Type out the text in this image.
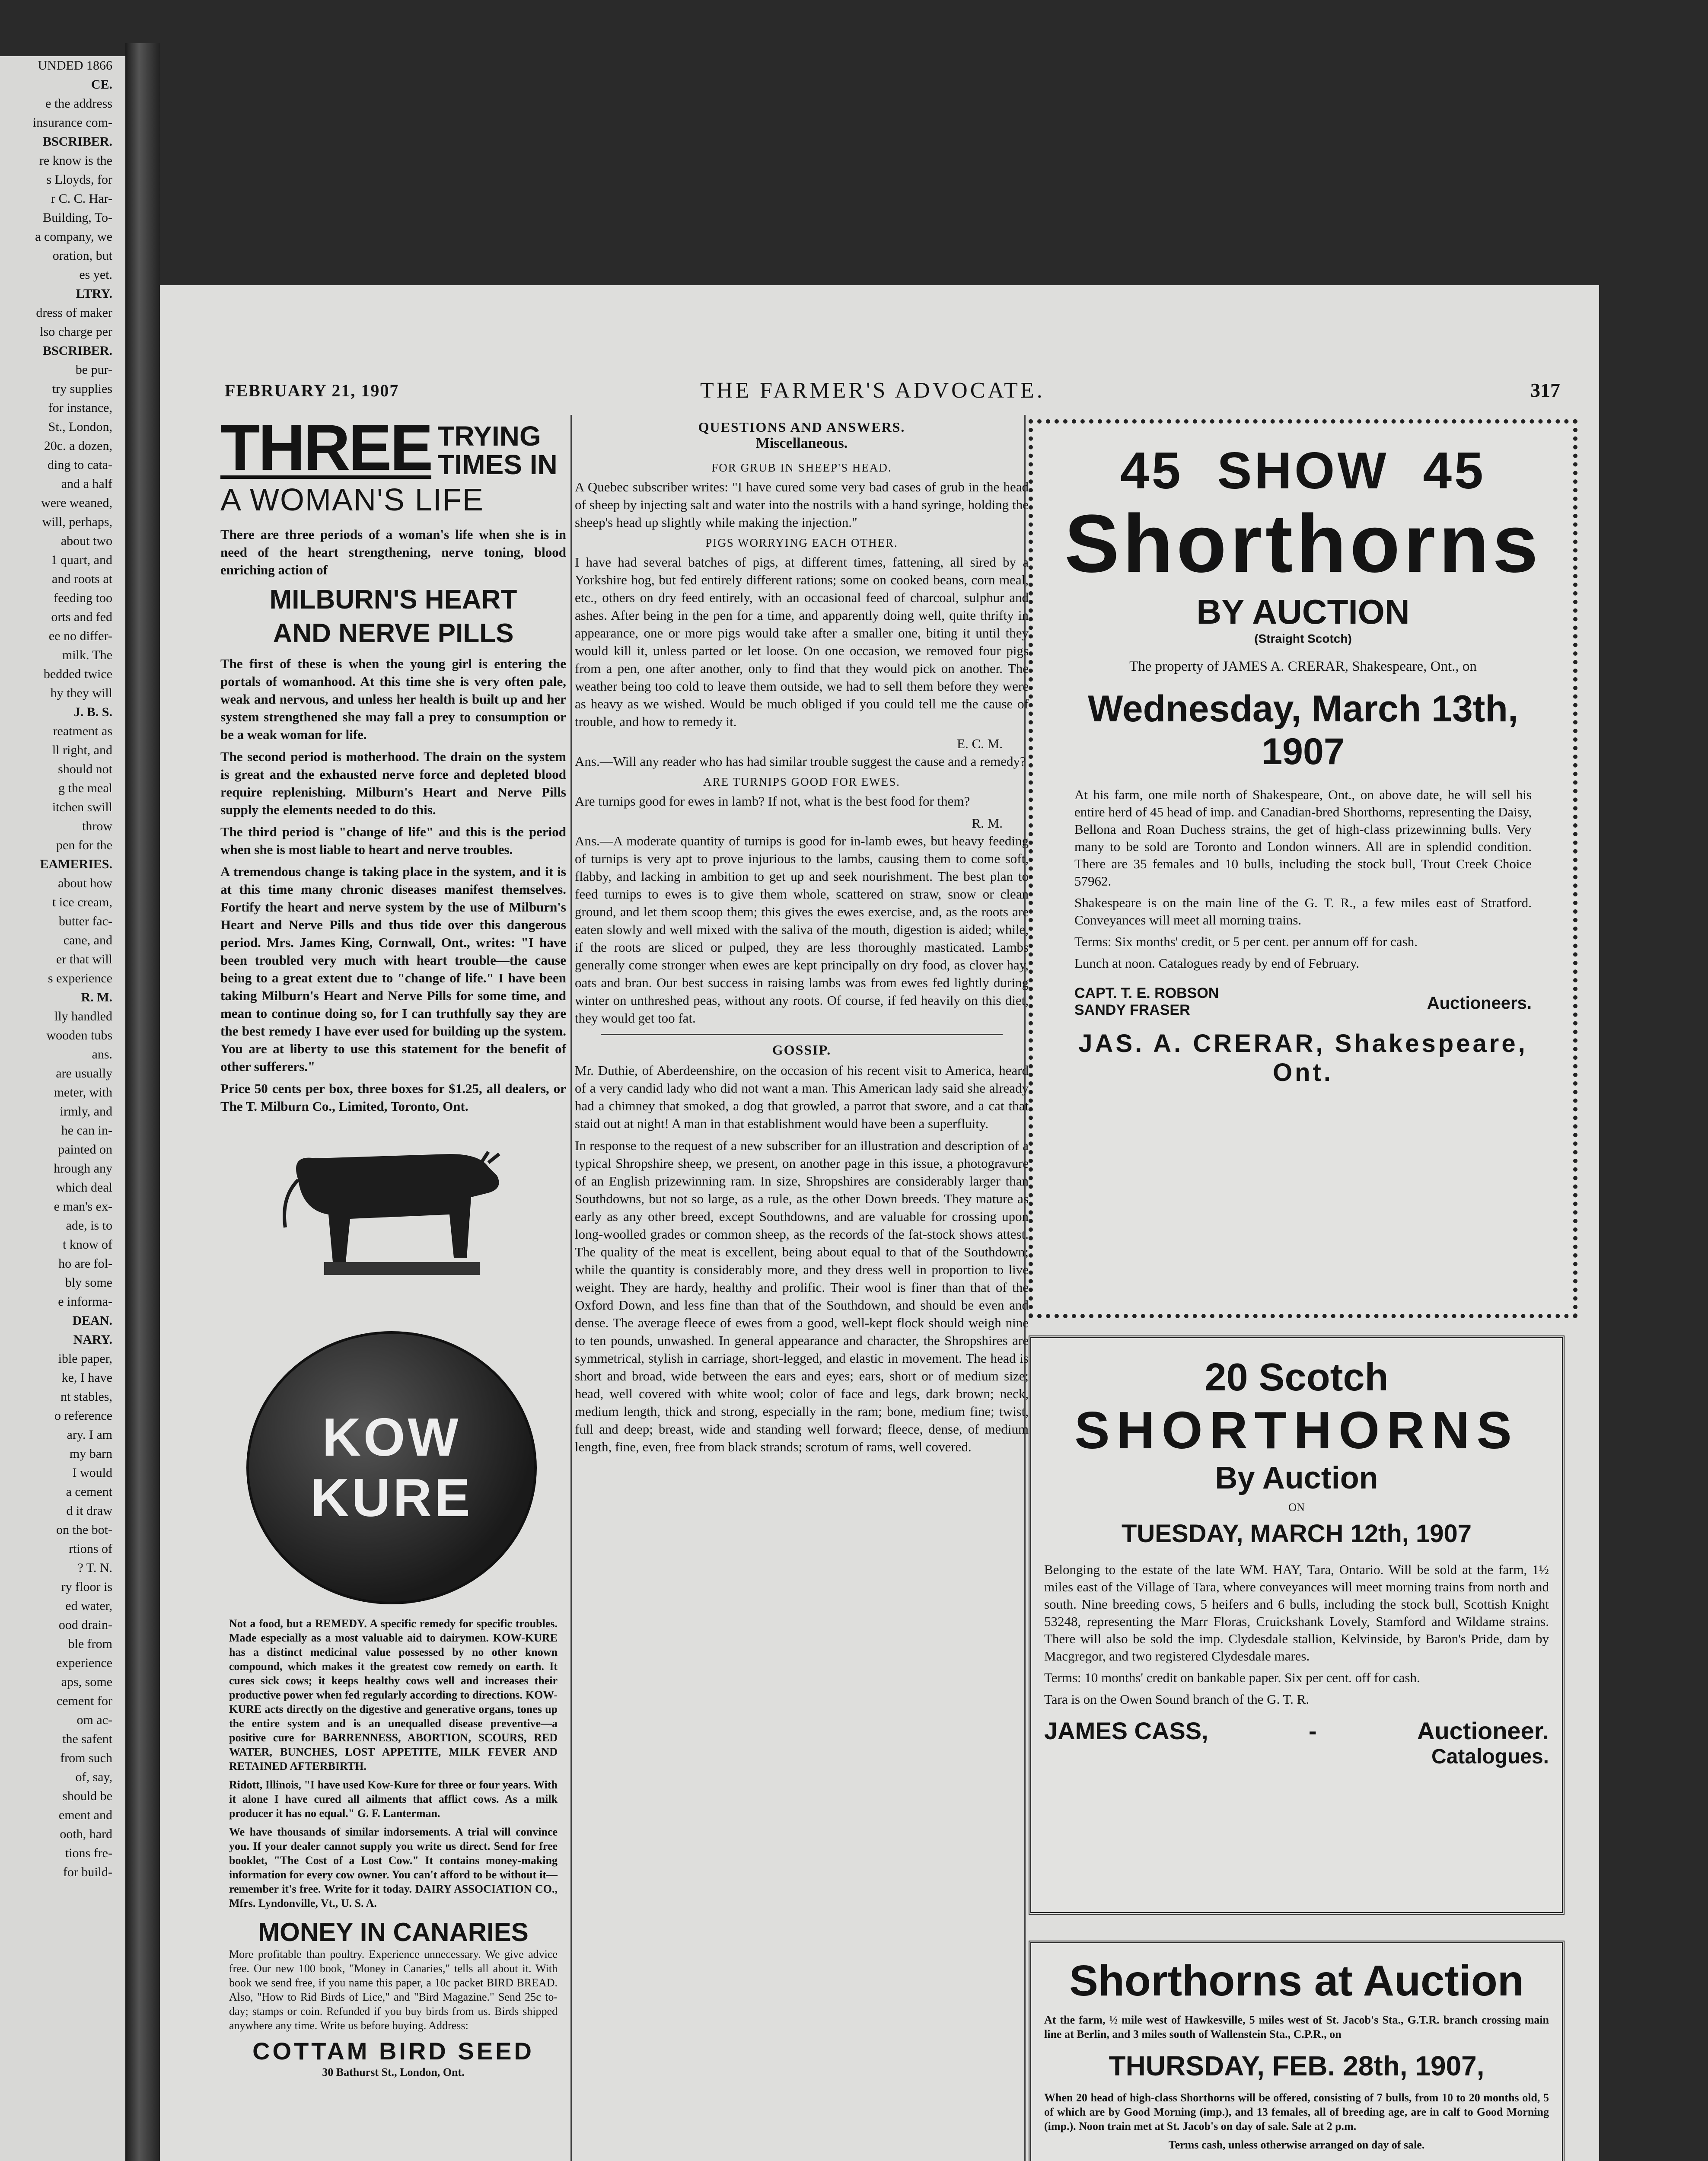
UNDED 1866
CE.
e the address
insurance com-
BSCRIBER.
re know is the
s Lloyds, for
r C. C. Har-
Building, To-
a company, we
oration, but
es yet.
LTRY.
dress of maker
lso charge per
BSCRIBER.
be pur-
try supplies
for instance,
St., London,
20c. a dozen,
ding to cata-
and a half
were weaned,
will, perhaps,
about two
1 quart, and
and roots at
feeding too
orts and fed
ee no differ-
milk. The
bedded twice
hy they will
J. B. S.
reatment as
ll right, and
should not
g the meal
itchen swill
throw
pen for the
EAMERIES.
about how
t ice cream,
butter fac-
cane, and
er that will
s experience
R. M.
lly handled
wooden tubs
ans.
are usually
meter, with
irmly, and
he can in-
painted on
hrough any
which deal
e man's ex-
ade, is to
t know of
ho are fol-
bly some
e informa-
DEAN.
NARY.
ible paper,
ke, I have
nt stables,
o reference
ary. I am
my barn
I would
a cement
d it draw
on the bot-
rtions of
? T. N.
ry floor is
ed water,
ood drain-
ble from
experience
aps, some
cement for
om ac-
the safent
from such
of, say,
should be
ement and
ooth, hard
tions fre-
for build-
FEBRUARY 21, 1907	THE FARMER'S ADVOCATE.	317
THREE TRYING
TIMES IN
A WOMAN'S LIFE

There are three periods of a woman's life when she is in need of the heart strengthening, nerve toning, blood enriching action of

MILBURN'S HEART
AND NERVE PILLS

The first of these is when the young girl is entering the portals of womanhood. At this time she is very often pale, weak and nervous, and unless her health is built up and her system strengthened she may fall a prey to consumption or be a weak woman for life.

The second period is motherhood. The drain on the system is great and the exhausted nerve force and depleted blood require replenishing. Milburn's Heart and Nerve Pills supply the elements needed to do this.

The third period is "change of life" and this is the period when she is most liable to heart and nerve troubles.

A tremendous change is taking place in the system, and it is at this time many chronic diseases manifest themselves. Fortify the heart and nerve system by the use of Milburn's Heart and Nerve Pills and thus tide over this dangerous period. Mrs. James King, Cornwall, Ont., writes: "I have been troubled very much with heart trouble—the cause being to a great extent due to "change of life." I have been taking Milburn's Heart and Nerve Pills for some time, and mean to continue doing so, for I can truthfully say they are the best remedy I have ever used for building up the system. You are at liberty to use this statement for the benefit of other sufferers."

Price 50 cents per box, three boxes for $1.25, all dealers, or The T. Milburn Co., Limited, Toronto, Ont.

KOW
KURE

Not a food, but a REMEDY. A specific remedy for specific troubles. Made especially as a most valuable aid to dairymen. KOW-KURE has a distinct medicinal value possessed by no other known compound, which makes it the greatest cow remedy on earth. It cures sick cows; it keeps healthy cows well and increases their productive power when fed regularly according to directions. KOW-KURE acts directly on the digestive and generative organs, tones up the entire system and is an unequalled disease preventive—a positive cure for BARRENNESS, ABORTION, SCOURS, RED WATER, BUNCHES, LOST APPETITE, MILK FEVER AND RETAINED AFTERBIRTH.

Ridott, Illinois, "I have used Kow-Kure for three or four years. With it alone I have cured all ailments that afflict cows. As a milk producer it has no equal." G. F. Lanterman.

We have thousands of similar indorsements. A trial will convince you. If your dealer cannot supply you write us direct. Send for free booklet, "The Cost of a Lost Cow." It contains money-making information for every cow owner. You can't afford to be without it—remember it's free. Write for it today. DAIRY ASSOCIATION CO., Mfrs. Lyndonville, Vt., U. S. A.

MONEY IN CANARIES

More profitable than poultry. Experience unnecessary. We give advice free. Our new 100 book, "Money in Canaries," tells all about it. With book we send free, if you name this paper, a 10c packet BIRD BREAD. Also, "How to Rid Birds of Lice," and "Bird Magazine." Send 25c to-day; stamps or coin. Refunded if you buy birds from us. Birds shipped anywhere any time. Write us before buying. Address:

COTTAM BIRD SEED
30 Bathurst St., London, Ont.
QUESTIONS AND ANSWERS.
Miscellaneous.
FOR GRUB IN SHEEP'S HEAD.

A Quebec subscriber writes: "I have cured some very bad cases of grub in the head of sheep by injecting salt and water into the nostrils with a hand syringe, holding the sheep's head up slightly while making the injection."

PIGS WORRYING EACH OTHER.

I have had several batches of pigs, at different times, fattening, all sired by a Yorkshire hog, but fed entirely different rations; some on cooked beans, corn meal, etc., others on dry feed entirely, with an occasional feed of charcoal, sulphur and ashes. After being in the pen for a time, and apparently doing well, quite thrifty in appearance, one or more pigs would take after a smaller one, biting it until they would kill it, unless parted or let loose. On one occasion, we removed four pigs from a pen, one after another, only to find that they would pick on another. The weather being too cold to leave them outside, we had to sell them before they were as heavy as we wished. Would be much obliged if you could tell me the cause of trouble, and how to remedy it.

E. C. M.

Ans.—Will any reader who has had similar trouble suggest the cause and a remedy?

ARE TURNIPS GOOD FOR EWES.

Are turnips good for ewes in lamb? If not, what is the best food for them?

R. M.

Ans.—A moderate quantity of turnips is good for in-lamb ewes, but heavy feeding of turnips is very apt to prove injurious to the lambs, causing them to come soft, flabby, and lacking in ambition to get up and seek nourishment. The best plan to feed turnips to ewes is to give them whole, scattered on straw, snow or clean ground, and let them scoop them; this gives the ewes exercise, and, as the roots are eaten slowly and well mixed with the saliva of the mouth, digestion is aided; while, if the roots are sliced or pulped, they are less thoroughly masticated. Lambs generally come stronger when ewes are kept principally on dry food, as clover hay, oats and bran. Our best success in raising lambs was from ewes fed lightly during winter on unthreshed peas, without any roots. Of course, if fed heavily on this diet, they would get too fat.

GOSSIP.

Mr. Duthie, of Aberdeenshire, on the occasion of his recent visit to America, heard of a very candid lady who did not want a man. This American lady said she already had a chimney that smoked, a dog that growled, a parrot that swore, and a cat that staid out at night! A man in that establishment would have been a superfluity.

In response to the request of a new subscriber for an illustration and description of a typical Shropshire sheep, we present, on another page in this issue, a photogravure of an English prizewinning ram. In size, Shropshires are considerably larger than Southdowns, but not so large, as a rule, as the other Down breeds. They mature as early as any other breed, except Southdowns, and are valuable for crossing upon long-woolled grades or common sheep, as the records of the fat-stock shows attest. The quality of the meat is excellent, being about equal to that of the Southdown; while the quantity is considerably more, and they dress well in proportion to live weight. They are hardy, healthy and prolific. Their wool is finer than that of the Oxford Down, and less fine than that of the Southdown, and should be even and dense. The average fleece of ewes from a good, well-kept flock should weigh nine to ten pounds, unwashed. In general appearance and character, the Shropshires are symmetrical, stylish in carriage, short-legged, and elastic in movement. The head is short and broad, wide between the ears and eyes; ears, short or of medium size; head, well covered with white wool; color of face and legs, dark brown; neck, medium length, thick and strong, especially in the ram; bone, medium fine; twist, full and deep; breast, wide and standing well forward; fleece, dense, of medium length, fine, even, free from black strands; scrotum of rams, well covered.

45 SHOW 45
Shorthorns
BY AUCTION
(Straight Scotch)
The property of JAMES A. CRERAR, Shakespeare, Ont., on
Wednesday, March 13th, 1907

At his farm, one mile north of Shakespeare, Ont., on above date, he will sell his entire herd of 45 head of imp. and Canadian-bred Shorthorns, representing the Daisy, Bellona and Roan Duchess strains, the get of high-class prizewinning bulls. Very many to be sold are Toronto and London winners. All are in splendid condition. There are 35 females and 10 bulls, including the stock bull, Trout Creek Choice 57962.

Shakespeare is on the main line of the G. T. R., a few miles east of Stratford. Conveyances will meet all morning trains.

Terms: Six months' credit, or 5 per cent. per annum off for cash.

Lunch at noon. Catalogues ready by end of February.

CAPT. T. E. ROBSON
SANDY FRASER	Auctioneers.
JAS. A. CRERAR, Shakespeare, Ont.
20 Scotch
SHORTHORNS
By Auction
ON
TUESDAY, MARCH 12th, 1907

Belonging to the estate of the late WM. HAY, Tara, Ontario. Will be sold at the farm, 1½ miles east of the Village of Tara, where conveyances will meet morning trains from north and south. Nine breeding cows, 5 heifers and 6 bulls, including the stock bull, Scottish Knight 53248, representing the Marr Floras, Cruickshank Lovely, Stamford and Wildame strains. There will also be sold the imp. Clydesdale stallion, Kelvinside, by Baron's Pride, dam by Macgregor, and two registered Clydesdale mares.

Terms: 10 months' credit on bankable paper. Six per cent. off for cash.

Tara is on the Owen Sound branch of the G. T. R.

JAMES CASS,	-	Auctioneer.
Catalogues.
Shorthorns at Auction

At the farm, ½ mile west of Hawkesville, 5 miles west of St. Jacob's Sta., G.T.R. branch crossing main line at Berlin, and 3 miles south of Wallenstein Sta., C.P.R., on

THURSDAY, FEB. 28th, 1907,

When 20 head of high-class Shorthorns will be offered, consisting of 7 bulls, from 10 to 20 months old, 5 of which are by Good Morning (imp.), and 13 females, all of breeding age, are in calf to Good Morning (imp.). Noon train met at St. Jacob's on day of sale. Sale at 2 p.m.

Terms cash, unless otherwise arranged on day of sale.
